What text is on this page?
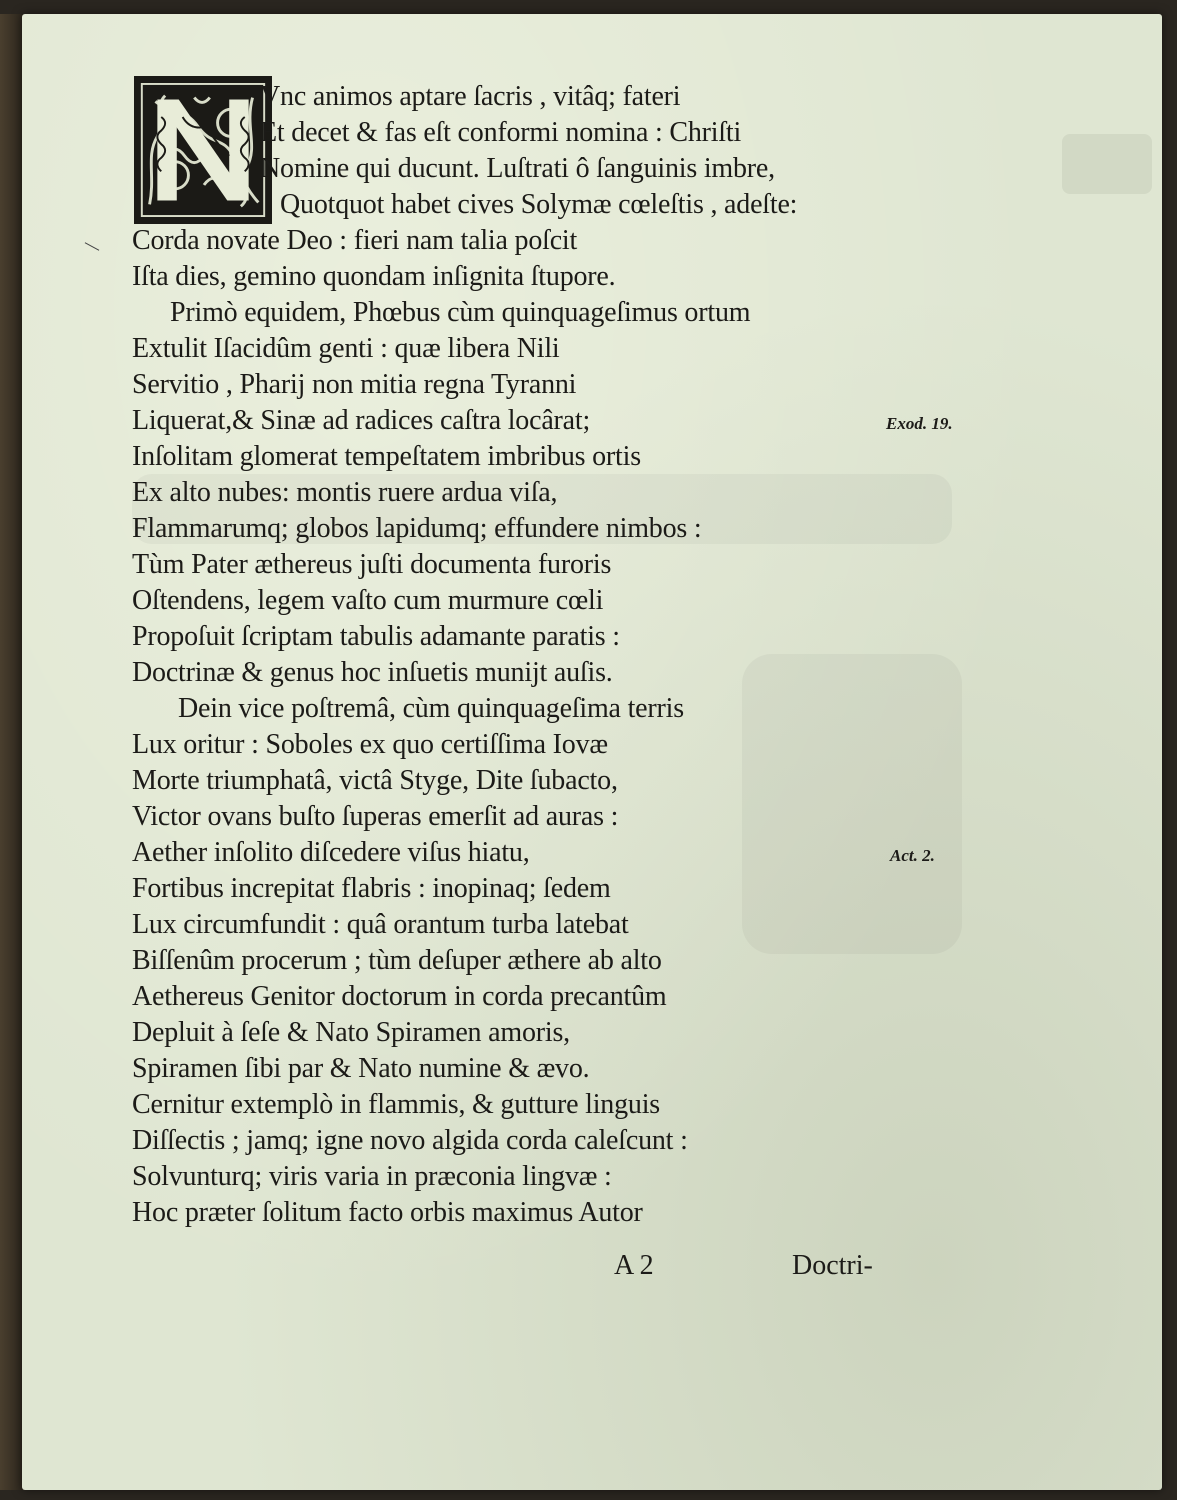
Vnc animos aptare ſacris , vitâq; fateri
Et decet & fas eſt conformi nomina : Chriſti
Nomine qui ducunt. Luſtrati ô ſanguinis imbre,
Quotquot habet cives Solymæ cœleſtis , adeſte:
Corda novate Deo : fieri nam talia poſcit
Iſta dies, gemino quondam inſignita ſtupore.
Primò equidem, Phœbus cùm quinquageſimus ortum
Extulit Iſacidûm genti : quæ libera Nili
Servitio , Pharij non mitia regna Tyranni
Liquerat,& Sinæ ad radices caſtra locârat;
Inſolitam glomerat tempeſtatem imbribus ortis
Ex alto nubes: montis ruere ardua viſa,
Flammarumq; globos lapidumq; effundere nimbos :
Tùm Pater æthereus juſti documenta furoris
Oſtendens, legem vaſto cum murmure cœli
Propoſuit ſcriptam tabulis adamante paratis :
Doctrinæ & genus hoc inſuetis munijt auſis.
Dein vice poſtremâ, cùm quinquageſima terris
Lux oritur : Soboles ex quo certiſſima Iovæ
Morte triumphatâ, victâ Styge, Dite ſubacto,
Victor ovans buſto ſuperas emerſit ad auras :
Aether inſolito diſcedere viſus hiatu,
Fortibus increpitat flabris : inopinaq; ſedem
Lux circumfundit : quâ orantum turba latebat
Biſſenûm procerum ; tùm deſuper æthere ab alto
Aethereus Genitor doctorum in corda precantûm
Depluit à ſeſe & Nato Spiramen amoris,
Spiramen ſibi par & Nato numine & ævo.
Cernitur extemplò in flammis, & gutture linguis
Diſſectis ; jamq; igne novo algida corda caleſcunt :
Solvunturq; viris varia in præconia lingvæ :
Hoc præter ſolitum facto orbis maximus Autor
Exod. 19.
Act. 2.
A 2	Doctri-
